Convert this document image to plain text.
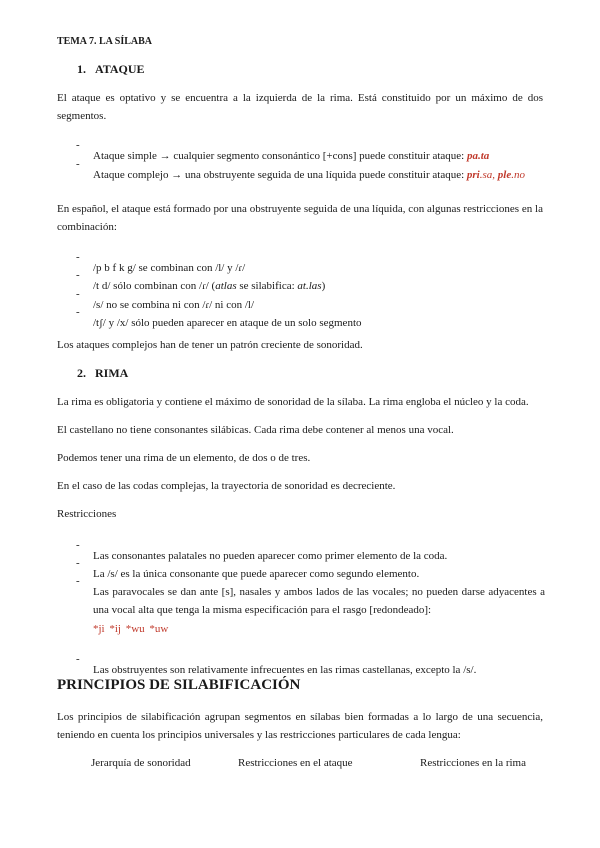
TEMA 7. LA SÍLABA
1. ATAQUE

El ataque es optativo y se encuentra a la izquierda de la rima. Está constituido por un máximo de dos segmentos.

-

Ataque simple → cualquier segmento consonántico [+cons] puede constituir ataque: pa.ta

-

Ataque complejo → una obstruyente seguida de una líquida puede constituir ataque: pri.sa, ple.no

En español, el ataque está formado por una obstruyente seguida de una líquida, con algunas restricciones en la combinación:

-

/p b f k g/ se combinan con /l/ y /ɾ/

-

/t d/ sólo combinan con /ɾ/ (atlas se silabifica: at.las)

-

/s/ no se combina ni con /ɾ/ ni con /l/

-

/tʃ/ y /x/ sólo pueden aparecer en ataque de un solo segmento

Los ataques complejos han de tener un patrón creciente de sonoridad.

2. RIMA

La rima es obligatoria y contiene el máximo de sonoridad de la sílaba. La rima engloba el núcleo y la coda.

El castellano no tiene consonantes silábicas. Cada rima debe contener al menos una vocal.

Podemos tener una rima de un elemento, de dos o de tres.

En el caso de las codas complejas, la trayectoria de sonoridad es decreciente.

Restricciones

-

Las consonantes palatales no pueden aparecer como primer elemento de la coda.

-

La /s/ es la única consonante que puede aparecer como segundo elemento.

-

Las paravocales se dan ante [s], nasales y ambos lados de las vocales; no pueden darse adyacentes a una vocal alta que tenga la misma especificación para el rasgo [redondeado]:

*ji *ij *wu *uw

-

Las obstruyentes son relativamente infrecuentes en las rimas castellanas, excepto la /s/.

PRINCIPIOS DE SILABIFICACIÓN

Los principios de silabificación agrupan segmentos en sílabas bien formadas a lo largo de una secuencia, teniendo en cuenta los principios universales y las restricciones particulares de cada lengua:

Jerarquía de sonoridad	Restricciones en el ataque	Restricciones en la rima
